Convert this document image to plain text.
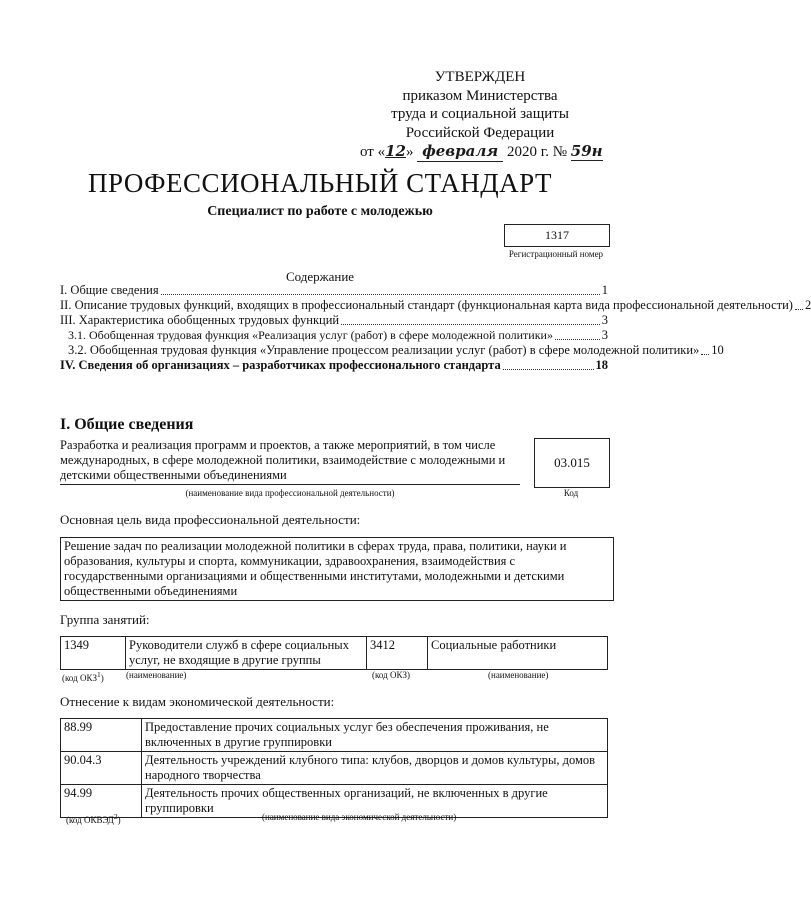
УТВЕРЖДЕН
приказом Министерства
труда и социальной защиты
Российской Федерации
от «12» февраля 2020 г. № 59н
ПРОФЕССИОНАЛЬНЫЙ СТАНДАРТ
Специалист по работе с молодежью
1317
Регистрационный номер
Содержание
I. Общие сведения	1
II. Описание трудовых функций, входящих в профессиональный стандарт (функциональная карта вида профессиональной деятельности) 2
III. Характеристика обобщенных трудовых функций	3
3.1. Обобщенная трудовая функция «Реализация услуг (работ) в сфере молодежной политики»	3
3.2. Обобщенная трудовая функция «Управление процессом реализации услуг (работ) в сфере молодежной политики» 10
IV. Сведения об организациях – разработчиках профессионального стандарта	18
I. Общие сведения
Разработка и реализация программ и проектов, а также мероприятий, в том числе международных, в сфере молодежной политики, взаимодействие с молодежными и детскими общественными объединениями
03.015
(наименование вида профессиональной деятельности)	Код
Основная цель вида профессиональной деятельности:
Решение задач по реализации молодежной политики в сферах труда, права, политики, науки и образования, культуры и спорта, коммуникации, здравоохранения, взаимодействия с государственными организациями и общественными институтами, молодежными и детскими общественными объединениями
Группа занятий:
1349	Руководители служб в сфере социальных услуг, не входящие в другие группы	3412	Социальные работники
(код ОКЗ$^1$) (наименование)	(код ОКЗ)	(наименование)
Отнесение к видам экономической деятельности:
88.99	Предоставление прочих социальных услуг без обеспечения проживания, не включенных в другие группировки
90.04.3	Деятельность учреждений клубного типа: клубов, дворцов и домов культуры, домов народного творчества
94.99	Деятельность прочих общественных организаций, не включенных в другие группировки
(код ОКВЭД$^2$)	(наименование вида экономической деятельности)
